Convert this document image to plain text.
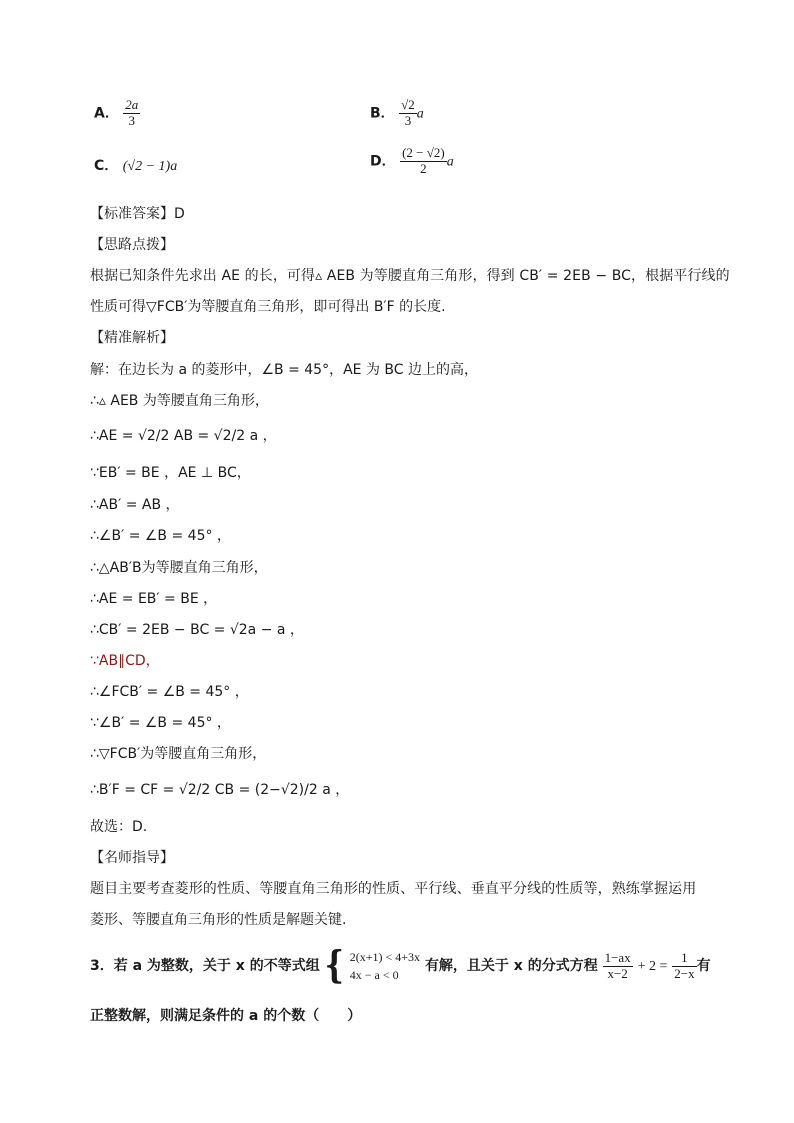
A． $\frac{2a}{3}$	B． $\frac{√2}{3}$ a
C． (√2 − 1)a	D． $\frac{(2 - √2)}{2}$ a
【标准答案】D
【思路点拨】
根据已知条件先求出 AE 的长，可得▵ AEB 为等腰直角三角形，得到 CB′ = 2EB − BC，根据平行线的
性质可得▽FCB′为等腰直角三角形，即可得出 B′F 的长度.
【精准解析】
解：在边长为 a 的菱形中，∠B = 45°，AE 为 BC 边上的高，
∴▵ AEB 为等腰直角三角形，
∴AE = √2/2 AB = √2/2 a ，
∵EB′ = BE ，AE ⊥ BC，
∴AB′ = AB ，
∴∠B′ = ∠B = 45° ，
∴△AB′B为等腰直角三角形，
∴AE = EB′ = BE ，
∴CB′ = 2EB − BC = √2a − a ，
∵AB∥CD，
∴∠FCB′ = ∠B = 45° ，
∵∠B′ = ∠B = 45° ，
∴▽FCB′为等腰直角三角形，
∴B′F = CF = √2/2 CB = (2−√2)/2 a ，
故选：D.
【名师指导】
题目主要考查菱形的性质、等腰直角三角形的性质、平行线、垂直平分线的性质等，熟练掌握运用
菱形、等腰直角三角形的性质是解题关键.
3．若 a 为整数，关于 x 的不等式组 { 2(x+1) < 4+3x
4x − a < 0
有解，且关于 x 的分式方程 $\frac{1-ax}{x-2} + 2 = \frac{1}{2-x}$ 有
正整数解，则满足条件的 a 的个数（　　）
